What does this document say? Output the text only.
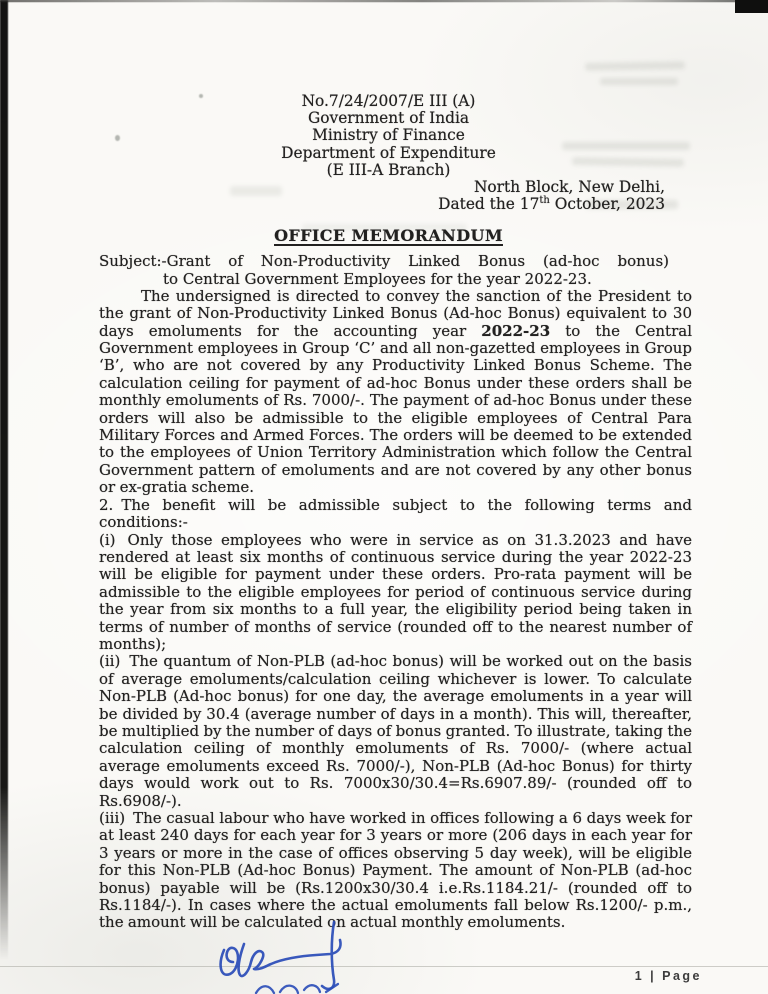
No.7/24/2007/E III (A)
Government of India
Ministry of Finance
Department of Expenditure
(E III-A Branch)
North Block, New Delhi,
Dated the 17th October, 2023
OFFICE MEMORANDUM
Subject:-Grant of Non-Productivity Linked Bonus (ad-hoc bonus)
to Central Government Employees for the year 2022-23.

The undersigned is directed to convey the sanction of the President to the grant of Non-Productivity Linked Bonus (Ad-hoc Bonus) equivalent to 30 days emoluments for the accounting year 2022-23 to the Central Government employees in Group ‘C’ and all non-gazetted employees in Group ‘B’, who are not covered by any Productivity Linked Bonus Scheme. The calculation ceiling for payment of ad-hoc Bonus under these orders shall be monthly emoluments of Rs. 7000/-. The payment of ad-hoc Bonus under these orders will also be admissible to the eligible employees of Central Para Military Forces and Armed Forces. The orders will be deemed to be extended to the employees of Union Territory Administration which follow the Central Government pattern of emoluments and are not covered by any other bonus or ex-gratia scheme.

2. The benefit will be admissible subject to the following terms and conditions:-

(i) Only those employees who were in service as on 31.3.2023 and have rendered at least six months of continuous service during the year 2022-23 will be eligible for payment under these orders. Pro-rata payment will be admissible to the eligible employees for period of continuous service during the year from six months to a full year, the eligibility period being taken in terms of number of months of service (rounded off to the nearest number of months);

(ii) The quantum of Non-PLB (ad-hoc bonus) will be worked out on the basis of average emoluments/calculation ceiling whichever is lower. To calculate Non-PLB (Ad-hoc bonus) for one day, the average emoluments in a year will be divided by 30.4 (average number of days in a month). This will, thereafter, be multiplied by the number of days of bonus granted. To illustrate, taking the calculation ceiling of monthly emoluments of Rs. 7000/- (where actual average emoluments exceed Rs. 7000/-), Non-PLB (Ad-hoc Bonus) for thirty days would work out to Rs. 7000x30/30.4=Rs.6907.89/- (rounded off to Rs.6908/-).

(iii) The casual labour who have worked in offices following a 6 days week for at least 240 days for each year for 3 years or more (206 days in each year for 3 years or more in the case of offices observing 5 day week), will be eligible for this Non-PLB (Ad-hoc Bonus) Payment. The amount of Non-PLB (ad-hoc bonus) payable will be (Rs.1200x30/30.4 i.e.Rs.1184.21/- (rounded off to Rs.1184/-). In cases where the actual emoluments fall below Rs.1200/- p.m., the amount will be calculated on actual monthly emoluments.

1 | Page
